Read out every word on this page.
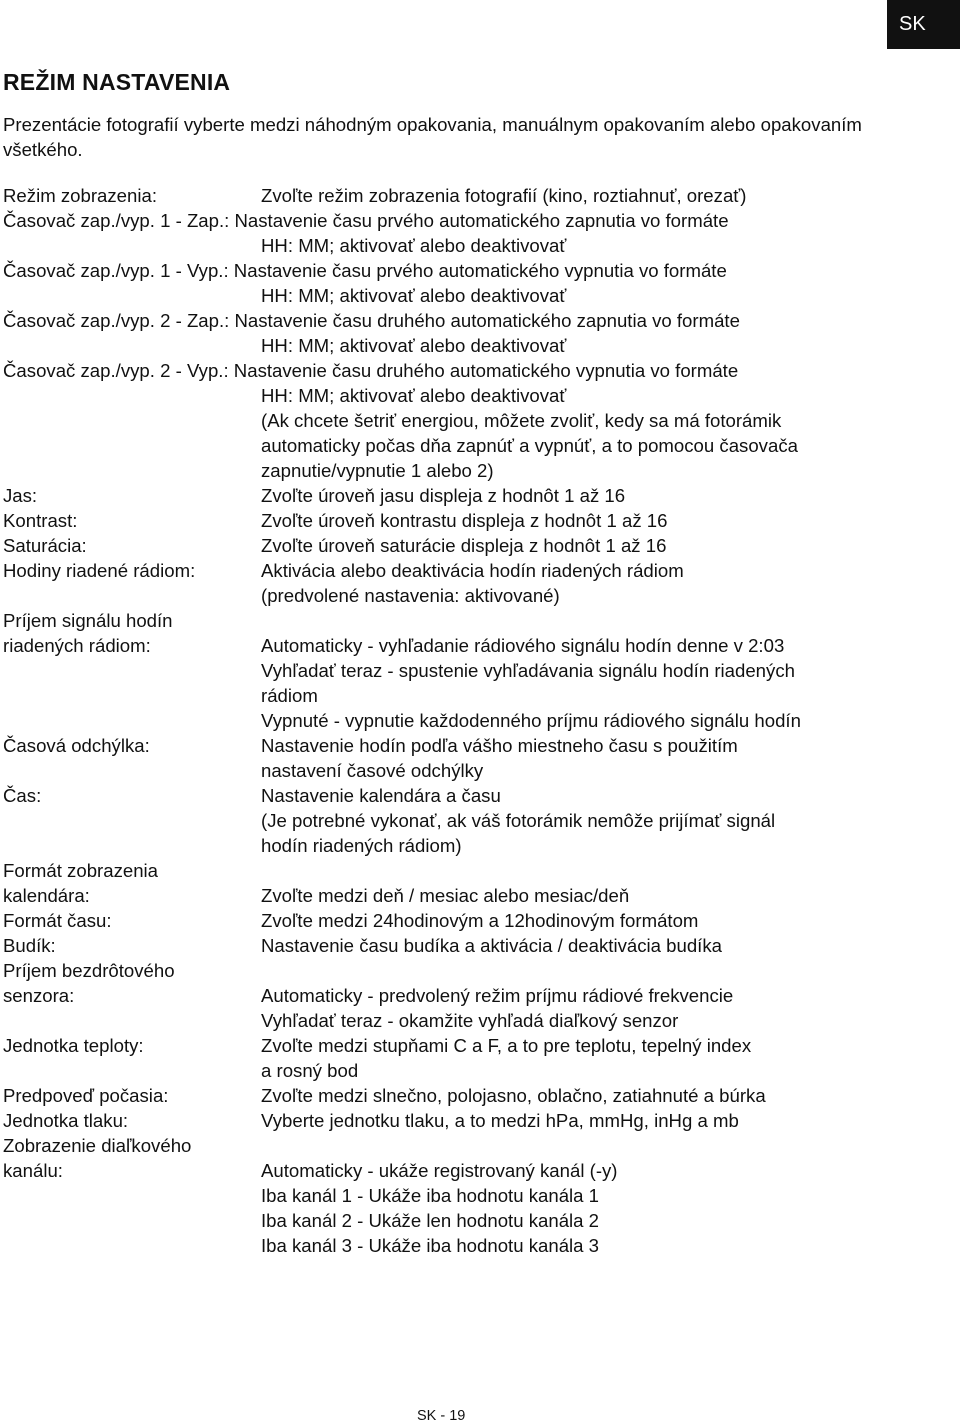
SK
REŽIM NASTAVENIA
Prezentácie fotografií vyberte medzi náhodným opakovania, manuálnym opakovaním alebo opakovaním všetkého.
Režim zobrazenia:	Zvoľte režim zobrazenia fotografií (kino, roztiahnuť, orezať)
Časovač zap./vyp. 1 - Zap.: Nastavenie času prvého automatického zapnutia vo formáte
HH: MM; aktivovať alebo deaktivovať
Časovač zap./vyp. 1 - Vyp.: Nastavenie času prvého automatického vypnutia vo formáte
HH: MM; aktivovať alebo deaktivovať
Časovač zap./vyp. 2 - Zap.: Nastavenie času druhého automatického zapnutia vo formáte
HH: MM; aktivovať alebo deaktivovať
Časovač zap./vyp. 2 - Vyp.: Nastavenie času druhého automatického vypnutia vo formáte
HH: MM; aktivovať alebo deaktivovať
(Ak chcete šetriť energiou, môžete zvoliť, kedy sa má fotorámik
automaticky počas dňa zapnúť a vypnúť, a to pomocou časovača
zapnutie/vypnutie 1 alebo 2)
Jas:	Zvoľte úroveň jasu displeja z hodnôt 1 až 16
Kontrast:	Zvoľte úroveň kontrastu displeja z hodnôt 1 až 16
Saturácia:	Zvoľte úroveň saturácie displeja z hodnôt 1 až 16
Hodiny riadené rádiom:	Aktivácia alebo deaktivácia hodín riadených rádiom
(predvolené nastavenia: aktivované)
Príjem signálu hodín
riadených rádiom:	Automaticky - vyhľadanie rádiového signálu hodín denne v 2:03
Vyhľadať teraz - spustenie vyhľadávania signálu hodín riadených
rádiom
Vypnuté - vypnutie každodenného príjmu rádiového signálu hodín
Časová odchýlka:	Nastavenie hodín podľa vášho miestneho času s použitím
nastavení časové odchýlky
Čas:	Nastavenie kalendára a času
(Je potrebné vykonať, ak váš fotorámik nemôže prijímať signál
hodín riadených rádiom)
Formát zobrazenia
kalendára:	Zvoľte medzi deň / mesiac alebo mesiac/deň
Formát času:	Zvoľte medzi 24hodinovým a 12hodinovým formátom
Budík:	Nastavenie času budíka a aktivácia / deaktivácia budíka
Príjem bezdrôtového
senzora:	Automaticky - predvolený režim príjmu rádiové frekvencie
Vyhľadať teraz - okamžite vyhľadá diaľkový senzor
Jednotka teploty:	Zvoľte medzi stupňami C a F, a to pre teplotu, tepelný index
a rosný bod
Predpoveď počasia:	Zvoľte medzi slnečno, polojasno, oblačno, zatiahnuté a búrka
Jednotka tlaku:	Vyberte jednotku tlaku, a to medzi hPa, mmHg, inHg a mb
Zobrazenie diaľkového
kanálu:	Automaticky - ukáže registrovaný kanál (-y)
Iba kanál 1 - Ukáže iba hodnotu kanála 1
Iba kanál 2 - Ukáže len hodnotu kanála 2
Iba kanál 3 - Ukáže iba hodnotu kanála 3
SK - 19
